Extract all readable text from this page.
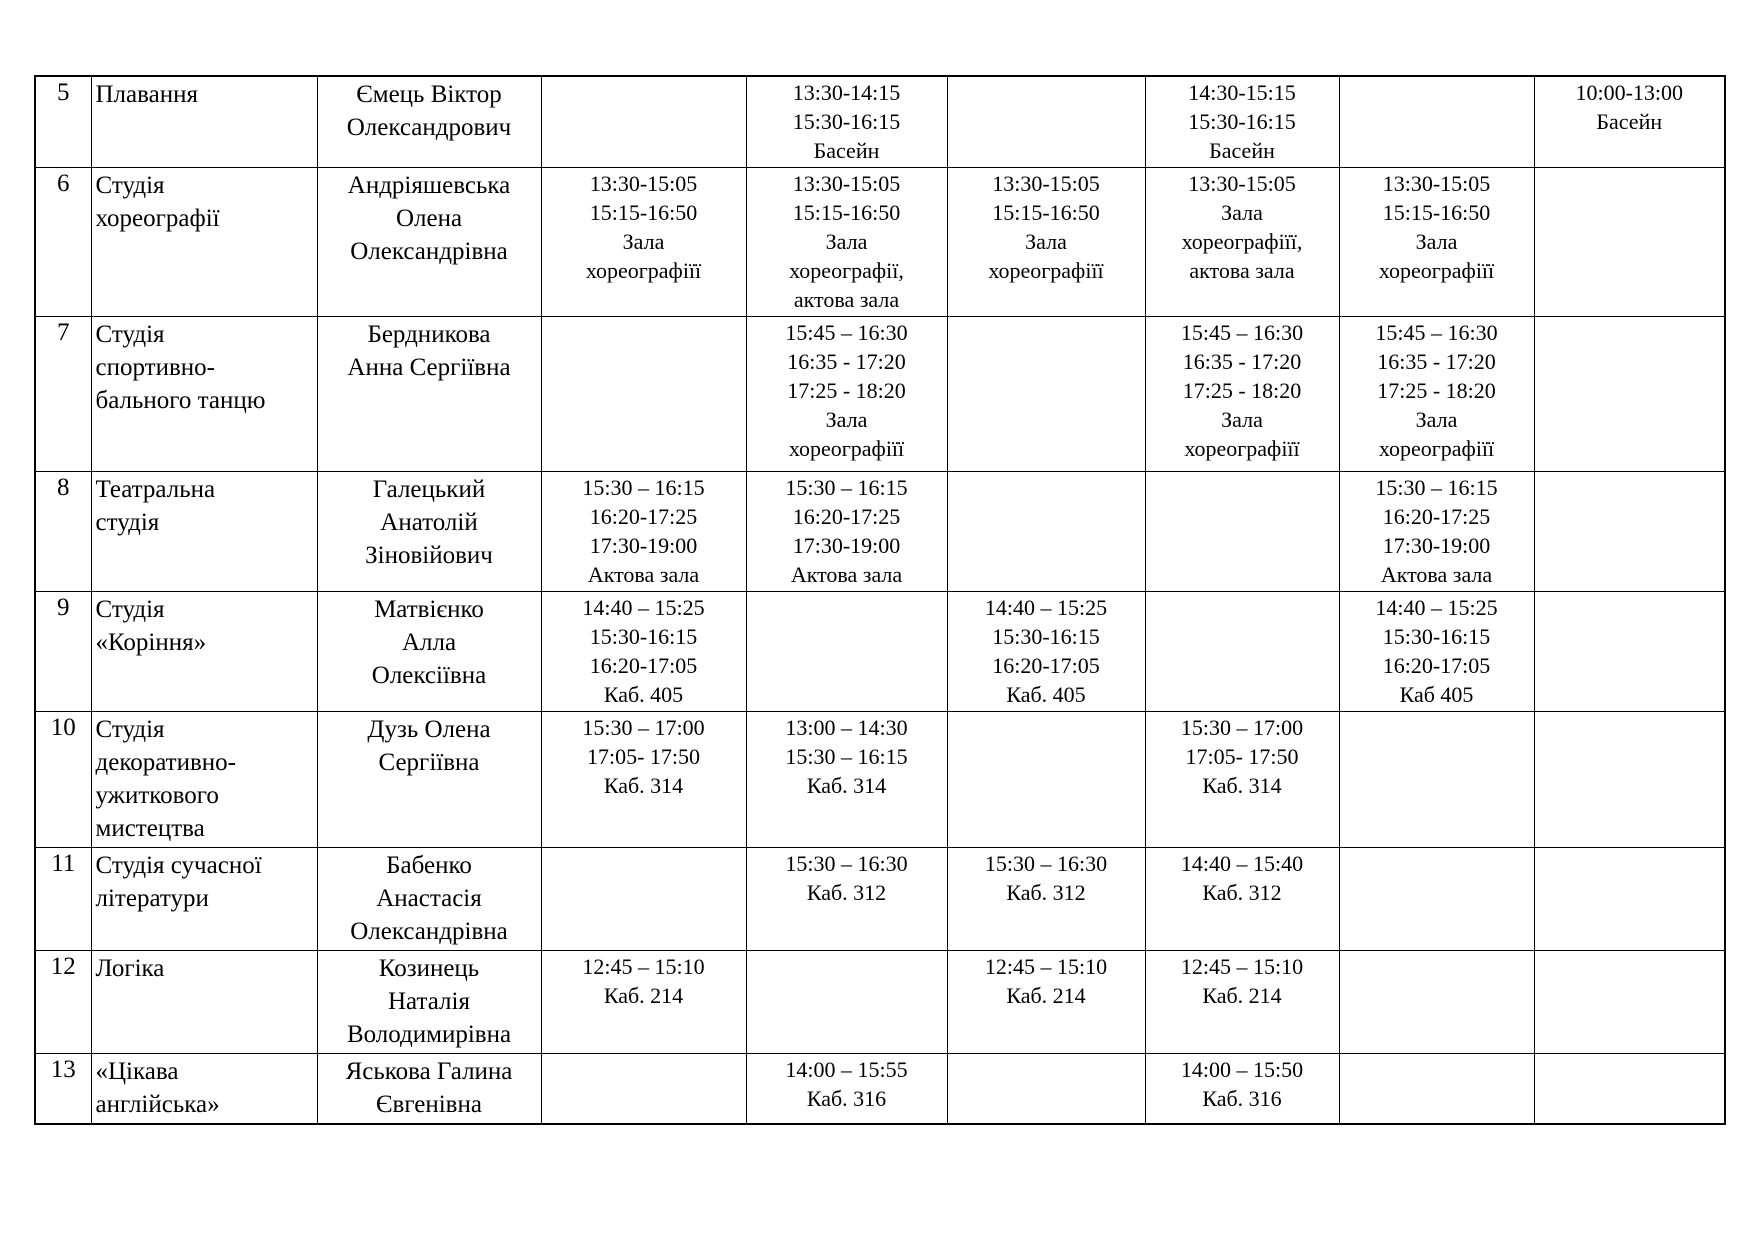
5	Плавання	Ємець Віктор
Олександрович		13:30-14:15
15:30-16:15
Басейн		14:30-15:15
15:30-16:15
Басейн		10:00-13:00
Басейн

6	Студія
хореографії	Андріяшевська
Олена
Олександрівна	13:30-15:05
15:15-16:50
Зала
хореографіїї	13:30-15:05
15:15-16:50
Зала
хореографії,
актова зала	13:30-15:05
15:15-16:50
Зала
хореографіїї	13:30-15:05
Зала
хореографіїї,
актова зала	13:30-15:05
15:15-16:50
Зала
хореографіїї	

7	Студія
спортивно-
бального танцю	Бердникова
Анна Сергіївна		15:45 – 16:30
16:35 - 17:20
17:25 - 18:20
Зала
хореографіїї		15:45 – 16:30
16:35 - 17:20
17:25 - 18:20
Зала
хореографіїї	15:45 – 16:30
16:35 - 17:20
17:25 - 18:20
Зала
хореографіїї	

8	Театральна
студія	Галецький
Анатолій
Зіновійович	15:30 – 16:15
16:20-17:25
17:30-19:00
Актова зала	15:30 – 16:15
16:20-17:25
17:30-19:00
Актова зала			15:30 – 16:15
16:20-17:25
17:30-19:00
Актова зала	

9	Студія
«Коріння»	Матвієнко
Алла
Олексіївна	14:40 – 15:25
15:30-16:15
16:20-17:05
Каб. 405		14:40 – 15:25
15:30-16:15
16:20-17:05
Каб. 405		14:40 – 15:25
15:30-16:15
16:20-17:05
Каб 405	

10	Студія
декоративно-
ужиткового
мистецтва	Дузь Олена
Сергіївна	15:30 – 17:00
17:05- 17:50
Каб. 314	13:00 – 14:30
15:30 – 16:15
Каб. 314		15:30 – 17:00
17:05- 17:50
Каб. 314		

11	Студія сучасної
літератури	Бабенко
Анастасія
Олександрівна		15:30 – 16:30
Каб. 312	15:30 – 16:30
Каб. 312	14:40 – 15:40
Каб. 312		

12	Логіка	Козинець
Наталія
Володимирівна	12:45 – 15:10
Каб. 214		12:45 – 15:10
Каб. 214	12:45 – 15:10
Каб. 214		

13	«Цікава
англійська»	Яськова Галина
Євгенівна		14:00 – 15:55
Каб. 316		14:00 – 15:50
Каб. 316		
